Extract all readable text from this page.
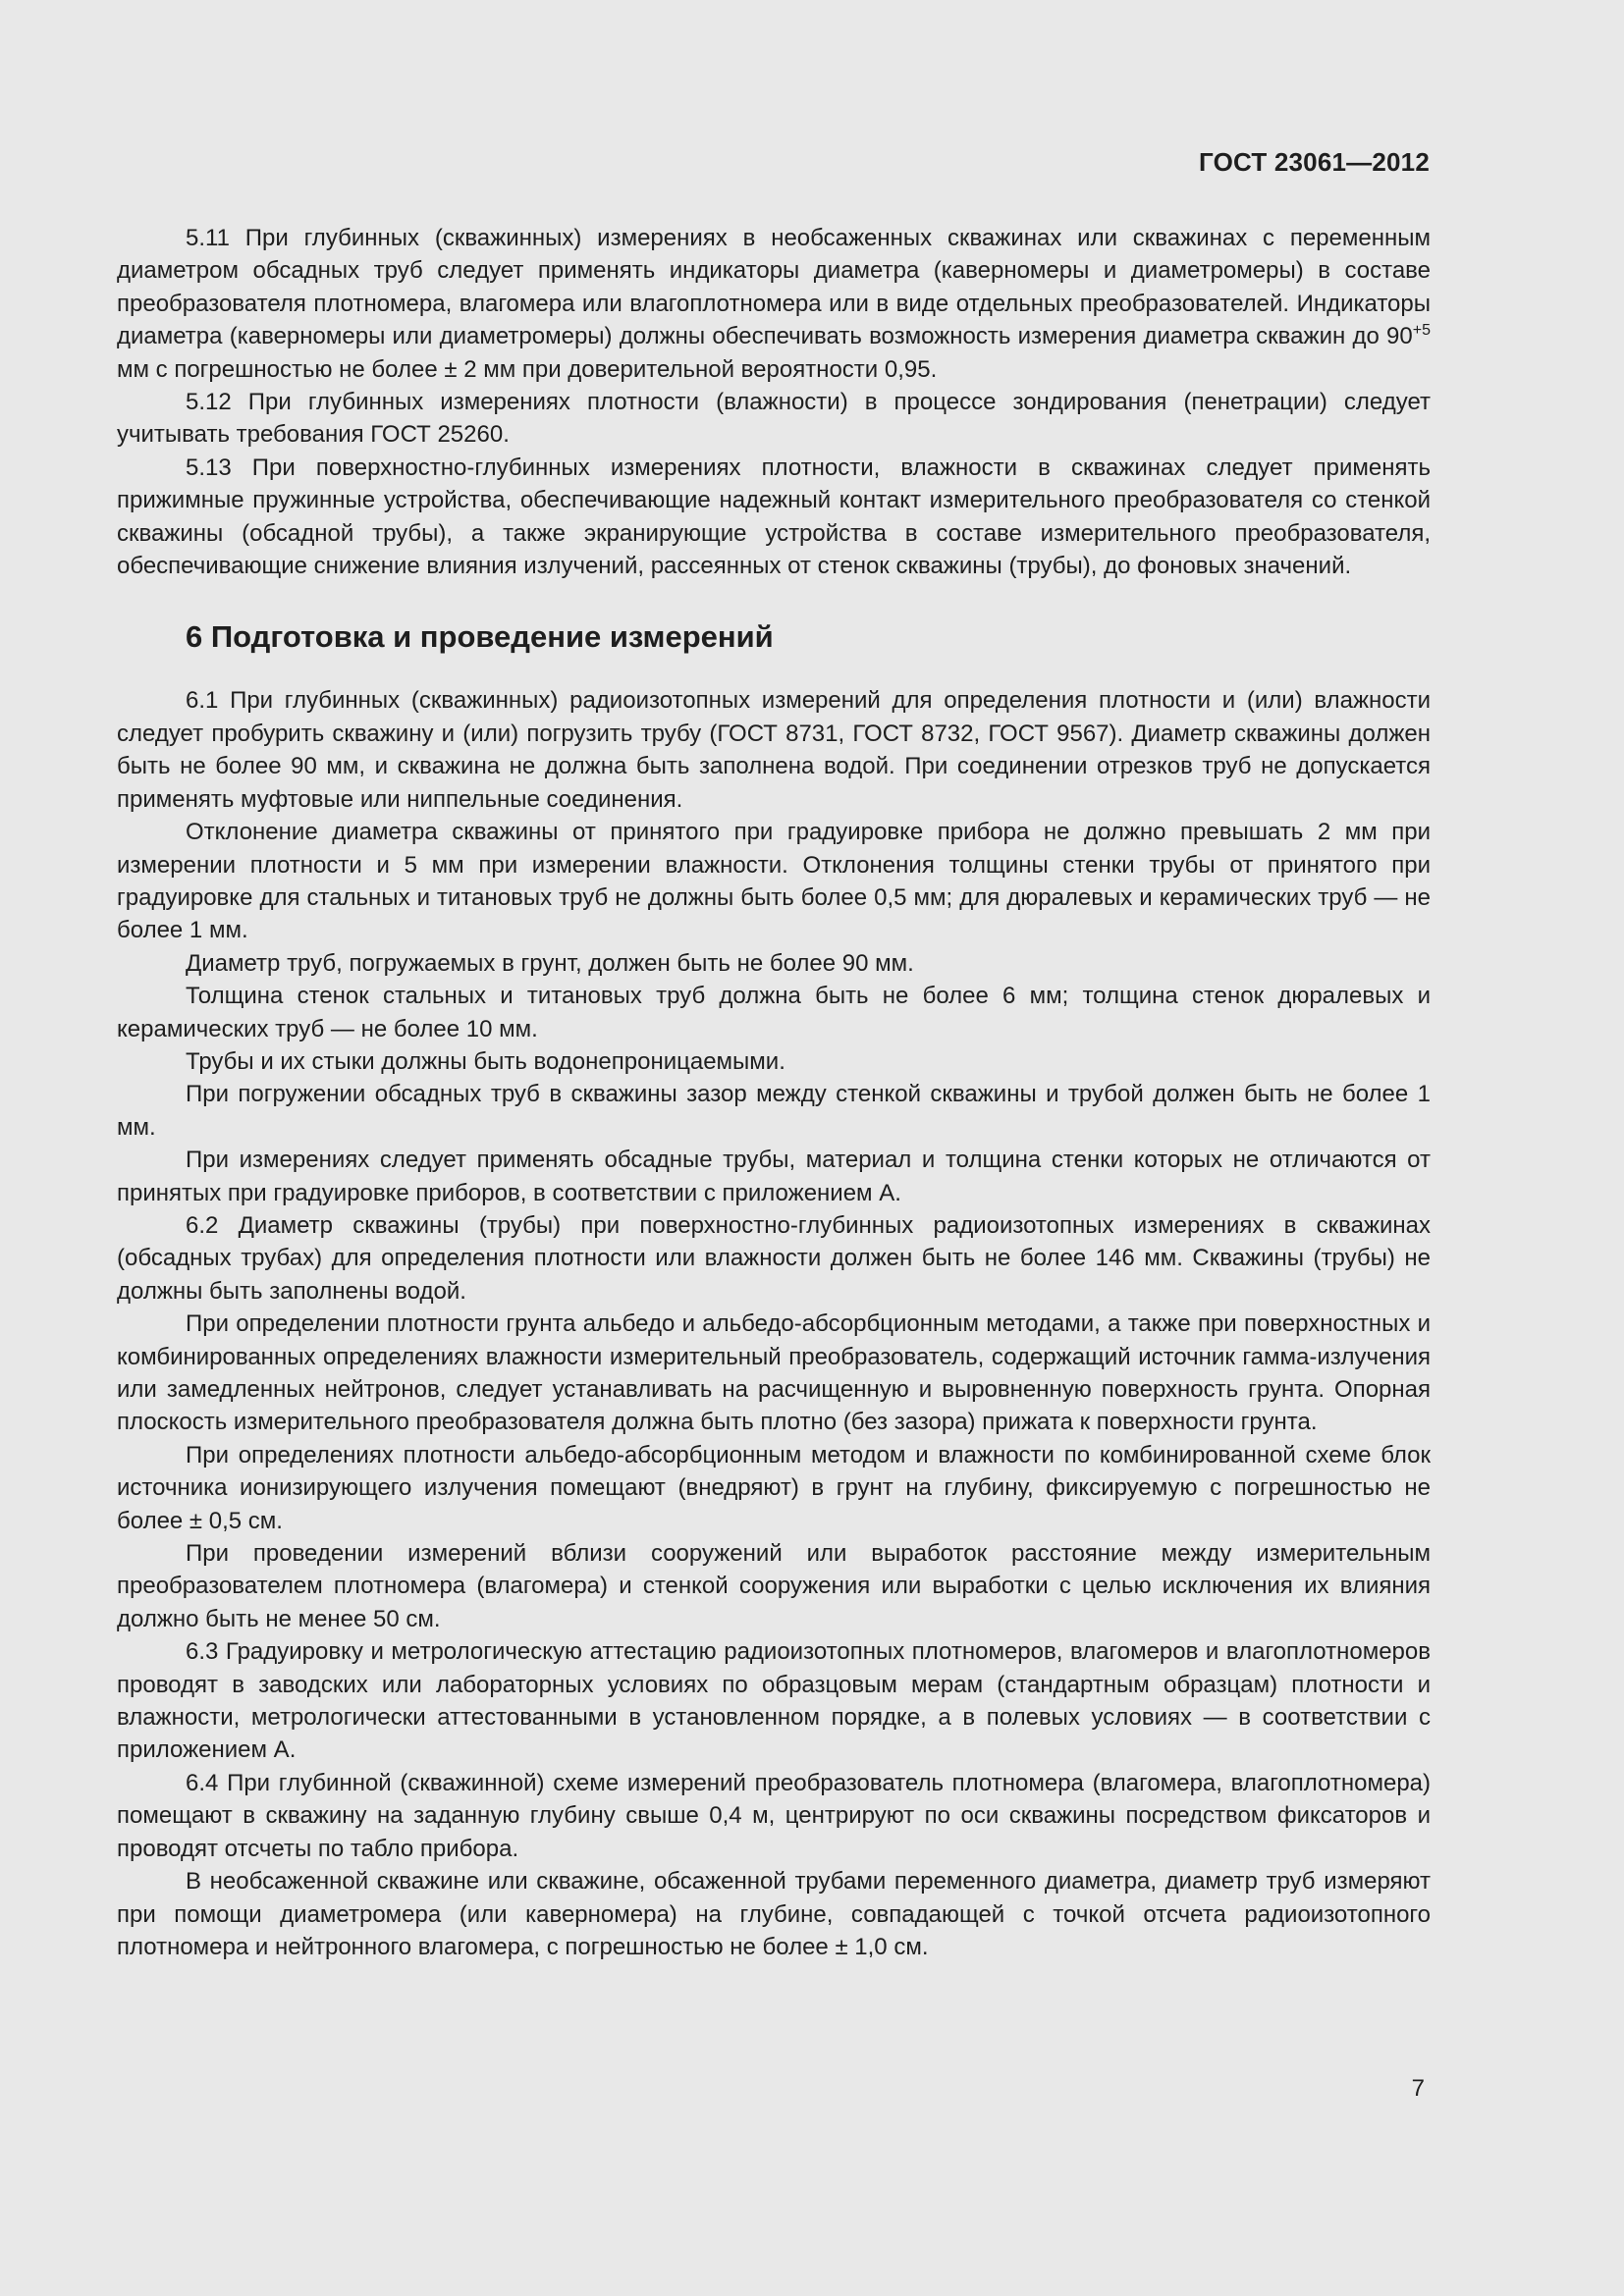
ГОСТ 23061—2012

5.11 При глубинных (скважинных) измерениях в необсаженных скважинах или скважинах с переменным диаметром обсадных труб следует применять индикаторы диаметра (каверномеры и диаметромеры) в составе преобразователя плотномера, влагомера или влагоплотномера или в виде отдельных преобразователей. Индикаторы диаметра (каверномеры или диаметромеры) должны обеспечивать возможность измерения диаметра скважин до $90^{+5}$ мм с погрешностью не более ± 2 мм при доверительной вероятности 0,95.

5.12 При глубинных измерениях плотности (влажности) в процессе зондирования (пенетрации) следует учитывать требования ГОСТ 25260.

5.13 При поверхностно-глубинных измерениях плотности, влажности в скважинах следует применять прижимные пружинные устройства, обеспечивающие надежный контакт измерительного преобразователя со стенкой скважины (обсадной трубы), а также экранирующие устройства в составе измерительного преобразователя, обеспечивающие снижение влияния излучений, рассеянных от стенок скважины (трубы), до фоновых значений.

6 Подготовка и проведение измерений

6.1 При глубинных (скважинных) радиоизотопных измерений для определения плотности и (или) влажности следует пробурить скважину и (или) погрузить трубу (ГОСТ 8731, ГОСТ 8732, ГОСТ 9567). Диаметр скважины должен быть не более 90 мм, и скважина не должна быть заполнена водой. При соединении отрезков труб не допускается применять муфтовые или ниппельные соединения.

Отклонение диаметра скважины от принятого при градуировке прибора не должно превышать 2 мм при измерении плотности и 5 мм при измерении влажности. Отклонения толщины стенки трубы от принятого при градуировке для стальных и титановых труб не должны быть более 0,5 мм; для дюралевых и керамических труб — не более 1 мм.

Диаметр труб, погружаемых в грунт, должен быть не более 90 мм.

Толщина стенок стальных и титановых труб должна быть не более 6 мм; толщина стенок дюралевых и керамических труб — не более 10 мм.

Трубы и их стыки должны быть водонепроницаемыми.

При погружении обсадных труб в скважины зазор между стенкой скважины и трубой должен быть не более 1 мм.

При измерениях следует применять обсадные трубы, материал и толщина стенки которых не отличаются от принятых при градуировке приборов, в соответствии с приложением А.

6.2 Диаметр скважины (трубы) при поверхностно-глубинных радиоизотопных измерениях в скважинах (обсадных трубах) для определения плотности или влажности должен быть не более 146 мм. Скважины (трубы) не должны быть заполнены водой.

При определении плотности грунта альбедо и альбедо-абсорбционным методами, а также при поверхностных и комбинированных определениях влажности измерительный преобразователь, содержащий источник гамма-излучения или замедленных нейтронов, следует устанавливать на расчищенную и выровненную поверхность грунта. Опорная плоскость измерительного преобразователя должна быть плотно (без зазора) прижата к поверхности грунта.

При определениях плотности альбедо-абсорбционным методом и влажности по комбинированной схеме блок источника ионизирующего излучения помещают (внедряют) в грунт на глубину, фиксируемую с погрешностью не более ± 0,5 см.

При проведении измерений вблизи сооружений или выработок расстояние между измерительным преобразователем плотномера (влагомера) и стенкой сооружения или выработки с целью исключения их влияния должно быть не менее 50 см.

6.3 Градуировку и метрологическую аттестацию радиоизотопных плотномеров, влагомеров и влагоплотномеров проводят в заводских или лабораторных условиях по образцовым мерам (стандартным образцам) плотности и влажности, метрологически аттестованными в установленном порядке, а в полевых условиях — в соответствии с приложением А.

6.4 При глубинной (скважинной) схеме измерений преобразователь плотномера (влагомера, влагоплотномера) помещают в скважину на заданную глубину свыше 0,4 м, центрируют по оси скважины посредством фиксаторов и проводят отсчеты по табло прибора.

В необсаженной скважине или скважине, обсаженной трубами переменного диаметра, диаметр труб измеряют при помощи диаметромера (или каверномера) на глубине, совпадающей с точкой отсчета радиоизотопного плотномера и нейтронного влагомера, с погрешностью не более ± 1,0 см.

7
